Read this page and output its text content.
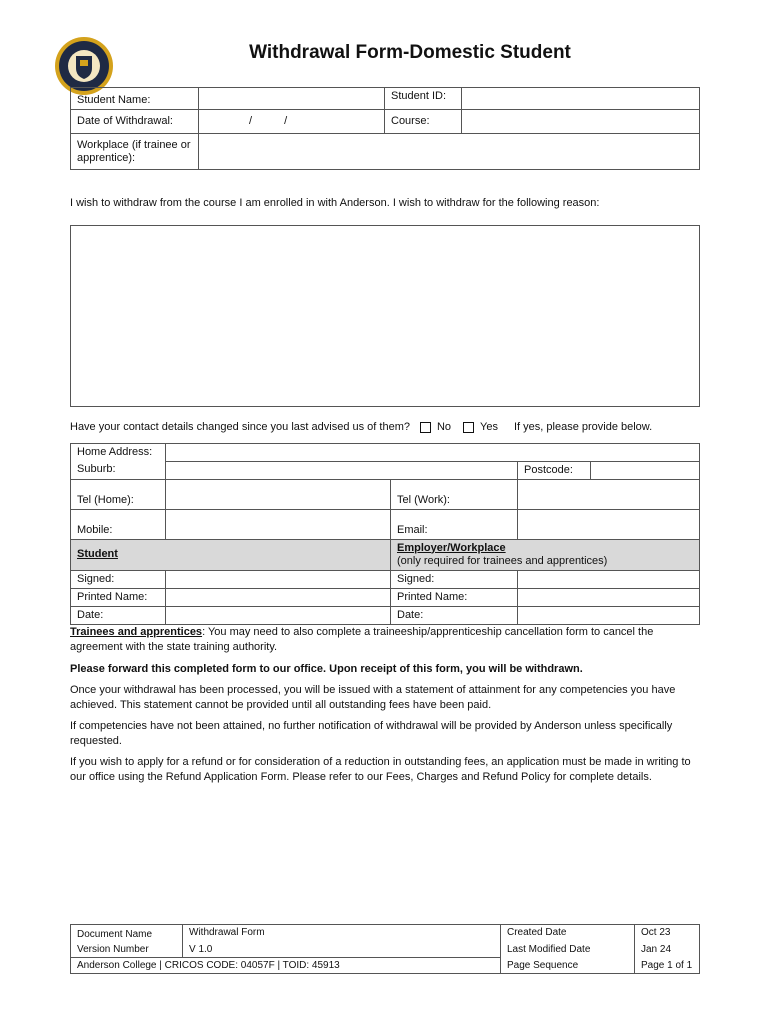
Withdrawal Form-Domestic Student
Student Name:		Student ID:	
Date of Withdrawal:	/ /	Course:	
Workplace (if trainee or apprentice):			
I wish to withdraw from the course I am enrolled in with Anderson. I wish to withdraw for the following reason:
Have your contact details changed since you last advised us of them? No	Yes If yes, please provide below.
Home Address:				
Suburb:			Postcode:	
Tel (Home):		Tel (Work):		
Mobile:		Email:		
Student		Employer/Workplace
(only required for trainees and apprentices)		

Signed:		Signed:		
Printed Name:		Printed Name:		
Date:		Date:		
Trainees and apprentices: You may need to also complete a traineeship/apprenticeship cancellation form to cancel the agreement with the state training authority.
Please forward this completed form to our office. Upon receipt of this form, you will be withdrawn.
Once your withdrawal has been processed, you will be issued with a statement of attainment for any competencies you have achieved. This statement cannot be provided until all outstanding fees have been paid.
If competencies have not been attained, no further notification of withdrawal will be provided by Anderson unless specifically requested.
If you wish to apply for a refund or for consideration of a reduction in outstanding fees, an application must be made in writing to our office using the Refund Application Form. Please refer to our Fees, Charges and Refund Policy for complete details.
Document Name	Withdrawal Form	Created Date	Oct 23
Version Number	V 1.0	Last Modified Date	Jan 24
Anderson College | CRICOS CODE: 04057F | TOID: 45913		Page Sequence	Page 1 of 1
